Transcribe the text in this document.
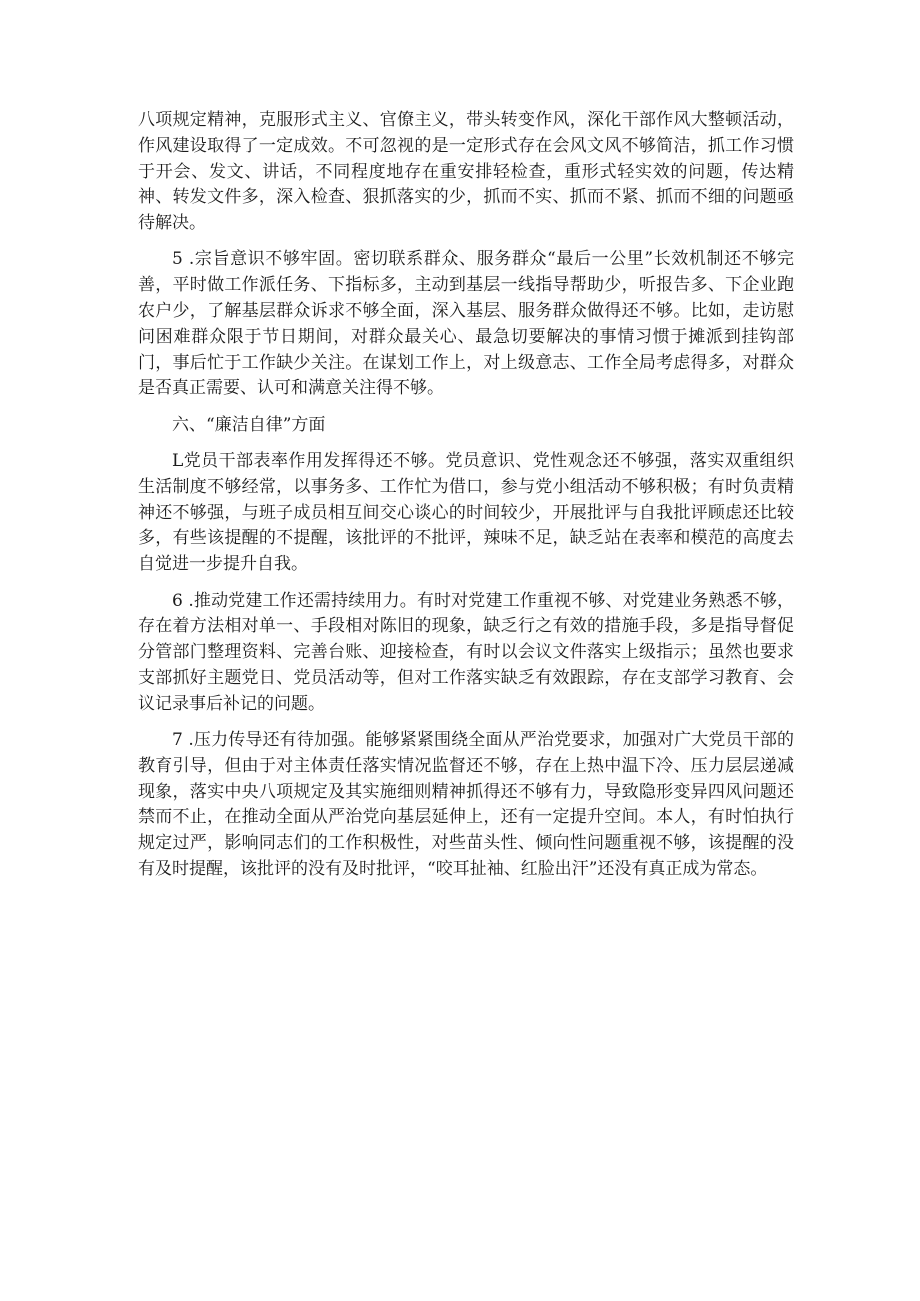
八项规定精神，克服形式主义、官僚主义，带头转变作风，深化干部作风大整顿活动，作风建设取得了一定成效。不可忽视的是一定形式存在会风文风不够简洁，抓工作习惯于开会、发文、讲话，不同程度地存在重安排轻检查，重形式轻实效的问题，传达精神、转发文件多，深入检查、狠抓落实的少，抓而不实、抓而不紧、抓而不细的问题亟待解决。

5 .宗旨意识不够牢固。密切联系群众、服务群众“最后一公里”长效机制还不够完善，平时做工作派任务、下指标多，主动到基层一线指导帮助少，听报告多、下企业跑农户少，了解基层群众诉求不够全面，深入基层、服务群众做得还不够。比如，走访慰问困难群众限于节日期间，对群众最关心、最急切要解决的事情习惯于摊派到挂钩部门，事后忙于工作缺少关注。在谋划工作上，对上级意志、工作全局考虑得多，对群众是否真正需要、认可和满意关注得不够。

六、“廉洁自律”方面

L党员干部表率作用发挥得还不够。党员意识、党性观念还不够强，落实双重组织生活制度不够经常，以事务多、工作忙为借口，参与党小组活动不够积极；有时负责精神还不够强，与班子成员相互间交心谈心的时间较少，开展批评与自我批评顾虑还比较多，有些该提醒的不提醒，该批评的不批评，辣味不足，缺乏站在表率和模范的高度去自觉进一步提升自我。

6 .推动党建工作还需持续用力。有时对党建工作重视不够、对党建业务熟悉不够，存在着方法相对单一、手段相对陈旧的现象，缺乏行之有效的措施手段，多是指导督促分管部门整理资料、完善台账、迎接检查，有时以会议文件落实上级指示；虽然也要求支部抓好主题党日、党员活动等，但对工作落实缺乏有效跟踪，存在支部学习教育、会议记录事后补记的问题。

7 .压力传导还有待加强。能够紧紧围绕全面从严治党要求，加强对广大党员干部的教育引导，但由于对主体责任落实情况监督还不够，存在上热中温下冷、压力层层递减现象，落实中央八项规定及其实施细则精神抓得还不够有力，导致隐形变异四风问题还禁而不止，在推动全面从严治党向基层延伸上，还有一定提升空间。本人，有时怕执行规定过严，影响同志们的工作积极性，对些苗头性、倾向性问题重视不够，该提醒的没有及时提醒，该批评的没有及时批评，“咬耳扯袖、红脸出汗”还没有真正成为常态。
